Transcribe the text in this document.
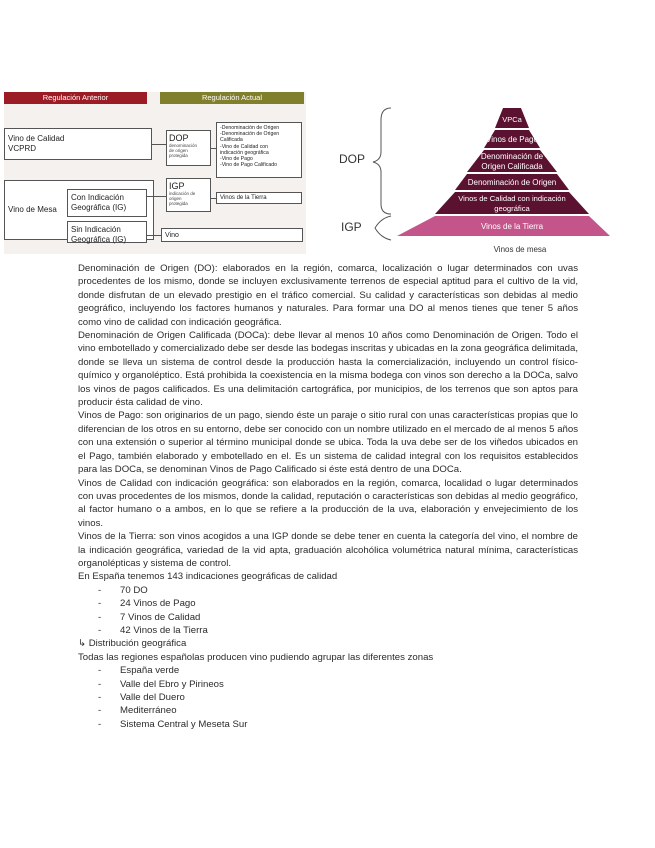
Regulación Anterior	Regulación Actual
Vino de Calidad
VCPRD
Vino de Mesa
Con Indicación
Geográfica (IG)
Sin Indicación
Geográfica (IG)
DOP
denominación
de origen
protegida
IGP
indicación de
origen
protegida
-Denominación de Origen
-Denominación de Origen
Calificada
-Vino de Calidad con
indicación geográfica
-Vino de Pago
-Vino de Pago Calificado
Vinos de la Tierra
Vino
VPCa
Vinos de Pago
Denominación de
Origen Calificada
Denominación de Origen
Vinos de Calidad con indicación
geográfica
Vinos de la Tierra
Vinos de mesa
DOP
IGP

Denominación de Origen (DO): elaborados en la región, comarca, localización o lugar determinados con uvas procedentes de los mismo, donde se incluyen exclusivamente terrenos de especial aptitud para el cultivo de la vid, donde disfrutan de un elevado prestigio en el tráfico comercial. Su calidad y características son debidas al medio geográfico, incluyendo los factores humanos y naturales. Para formar una DO al menos tienes que tener 5 años como vino de calidad con indicación geográfica.

Denominación de Origen Calificada (DOCa): debe llevar al menos 10 años como Denominación de Origen. Todo el vino embotellado y comercializado debe ser desde las bodegas inscritas y ubicadas en la zona geográfica delimitada, donde se lleva un sistema de control desde la producción hasta la comercialización, incluyendo un control físico-químico y organoléptico. Está prohibida la coexistencia en la misma bodega con vinos son derecho a la DOCa, salvo los vinos de pagos calificados. Es una delimitación cartográfica, por municipios, de los terrenos que son aptos para producir ésta calidad de vino.

Vinos de Pago: son originarios de un pago, siendo éste un paraje o sitio rural con unas características propias que lo diferencian de los otros en su entorno, debe ser conocido con un nombre utilizado en el mercado de al menos 5 años con una extensión o superior al término municipal donde se ubica. Toda la uva debe ser de los viñedos ubicados en el Pago, también elaborado y embotellado en el. Es un sistema de calidad integral con los requisitos establecidos para las DOCa, se denominan Vinos de Pago Calificado si éste está dentro de una DOCa.

Vinos de Calidad con indicación geográfica: son elaborados en la región, comarca, localidad o lugar determinados con uvas procedentes de los mismos, donde la calidad, reputación o características son debidas al medio geográfico, al factor humano o a ambos, en lo que se refiere a la producción de la uva, elaboración y envejecimiento de los vinos.

Vinos de la Tierra: son vinos acogidos a una IGP donde se debe tener en cuenta la categoría del vino, el nombre de la indicación geográfica, variedad de la vid apta, graduación alcohólica volumétrica natural mínima, características organolépticas y sistema de control.

En España tenemos 143 indicaciones geográficas de calidad

- 70 DO
- 24 Vinos de Pago
- 7 Vinos de Calidad
- 42 Vinos de la Tierra

↳ Distribución geográfica

Todas las regiones españolas producen vino pudiendo agrupar las diferentes zonas

- España verde
- Valle del Ebro y Pirineos
- Valle del Duero
- Mediterráneo
- Sistema Central y Meseta Sur
